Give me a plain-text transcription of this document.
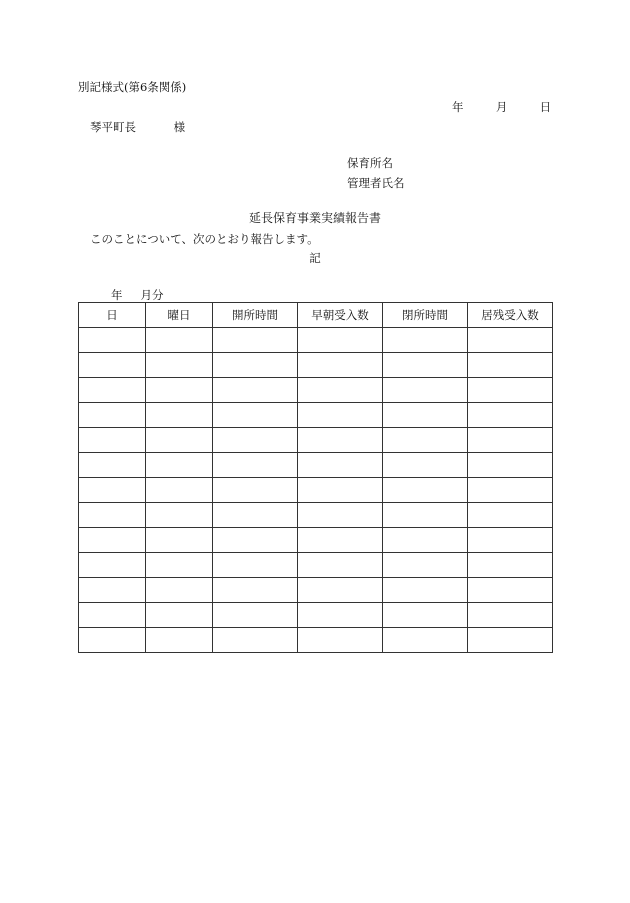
別記様式(第6条関係)
年	月	日
琴平町長	様
保育所名
管理者氏名
延長保育事業実績報告書
このことについて、次のとおり報告します。
記
年 月分
日	曜日	開所時間	早朝受入数	閉所時間	居残受入数
